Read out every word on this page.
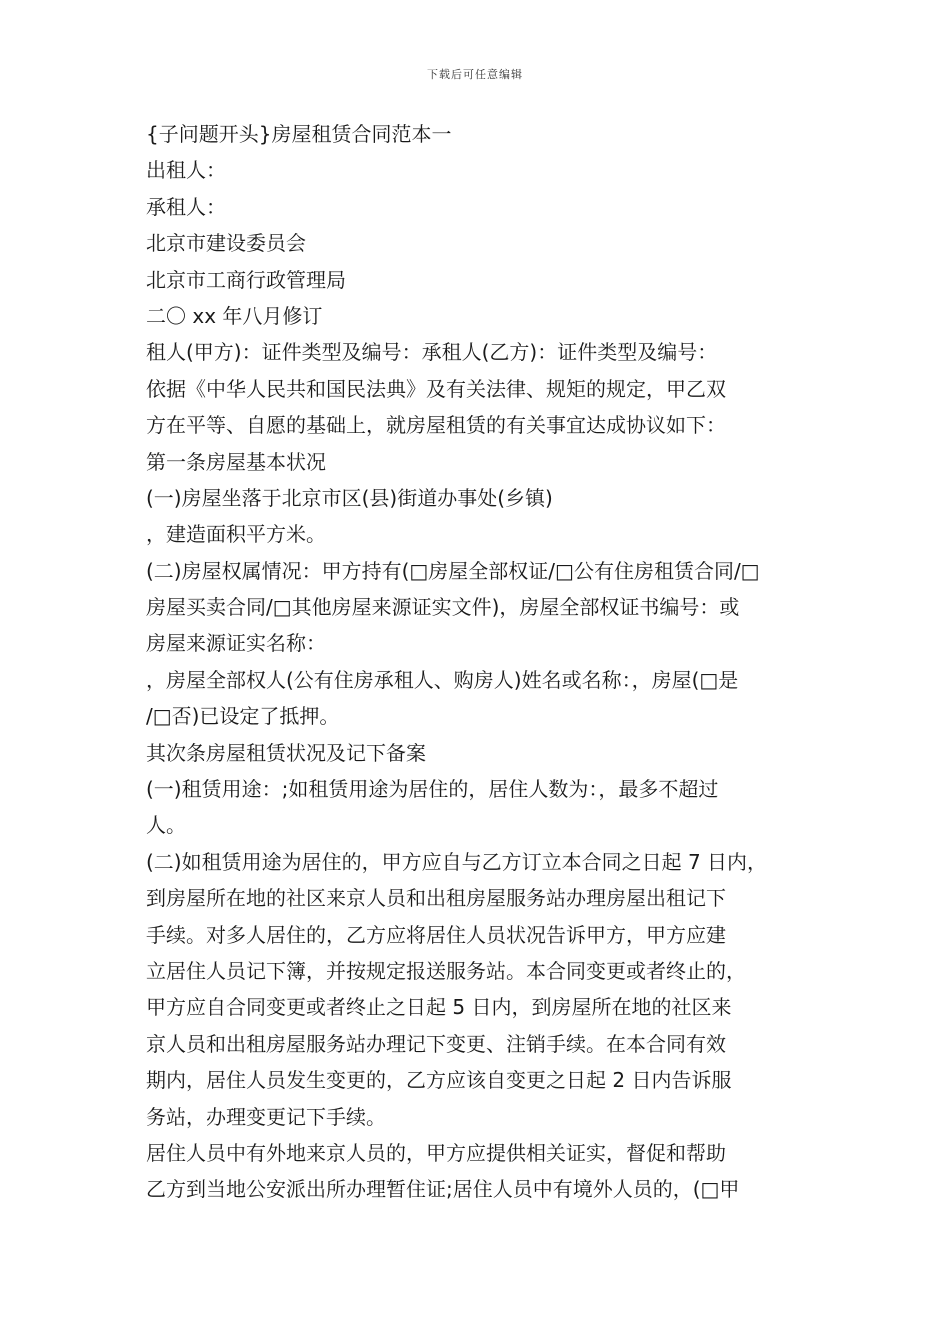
下载后可任意编辑
{子问题开头}房屋租赁合同范本一
出租人：
承租人：
北京市建设委员会
北京市工商行政管理局
二〇 xx 年八月修订
租人(甲方)：证件类型及编号：承租人(乙方)：证件类型及编号：
依据《中华人民共和国民法典》及有关法律、规矩的规定，甲乙双
方在平等、自愿的基础上，就房屋租赁的有关事宜达成协议如下：
第一条房屋基本状况
(一)房屋坐落于北京市区(县)街道办事处(乡镇)
，建造面积平方米。
(二)房屋权属情况：甲方持有(□房屋全部权证/□公有住房租赁合同/□
房屋买卖合同/□其他房屋来源证实文件)，房屋全部权证书编号：或
房屋来源证实名称：
，房屋全部权人(公有住房承租人、购房人)姓名或名称：，房屋(□是
/□否)已设定了抵押。
其次条房屋租赁状况及记下备案
(一)租赁用途：;如租赁用途为居住的，居住人数为：，最多不超过
人。
(二)如租赁用途为居住的，甲方应自与乙方订立本合同之日起 7 日内，
到房屋所在地的社区来京人员和出租房屋服务站办理房屋出租记下
手续。对多人居住的，乙方应将居住人员状况告诉甲方，甲方应建
立居住人员记下簿，并按规定报送服务站。本合同变更或者终止的，
甲方应自合同变更或者终止之日起 5 日内，到房屋所在地的社区来
京人员和出租房屋服务站办理记下变更、注销手续。在本合同有效
期内，居住人员发生变更的，乙方应该自变更之日起 2 日内告诉服
务站，办理变更记下手续。
居住人员中有外地来京人员的，甲方应提供相关证实，督促和帮助
乙方到当地公安派出所办理暂住证;居住人员中有境外人员的，(□甲
